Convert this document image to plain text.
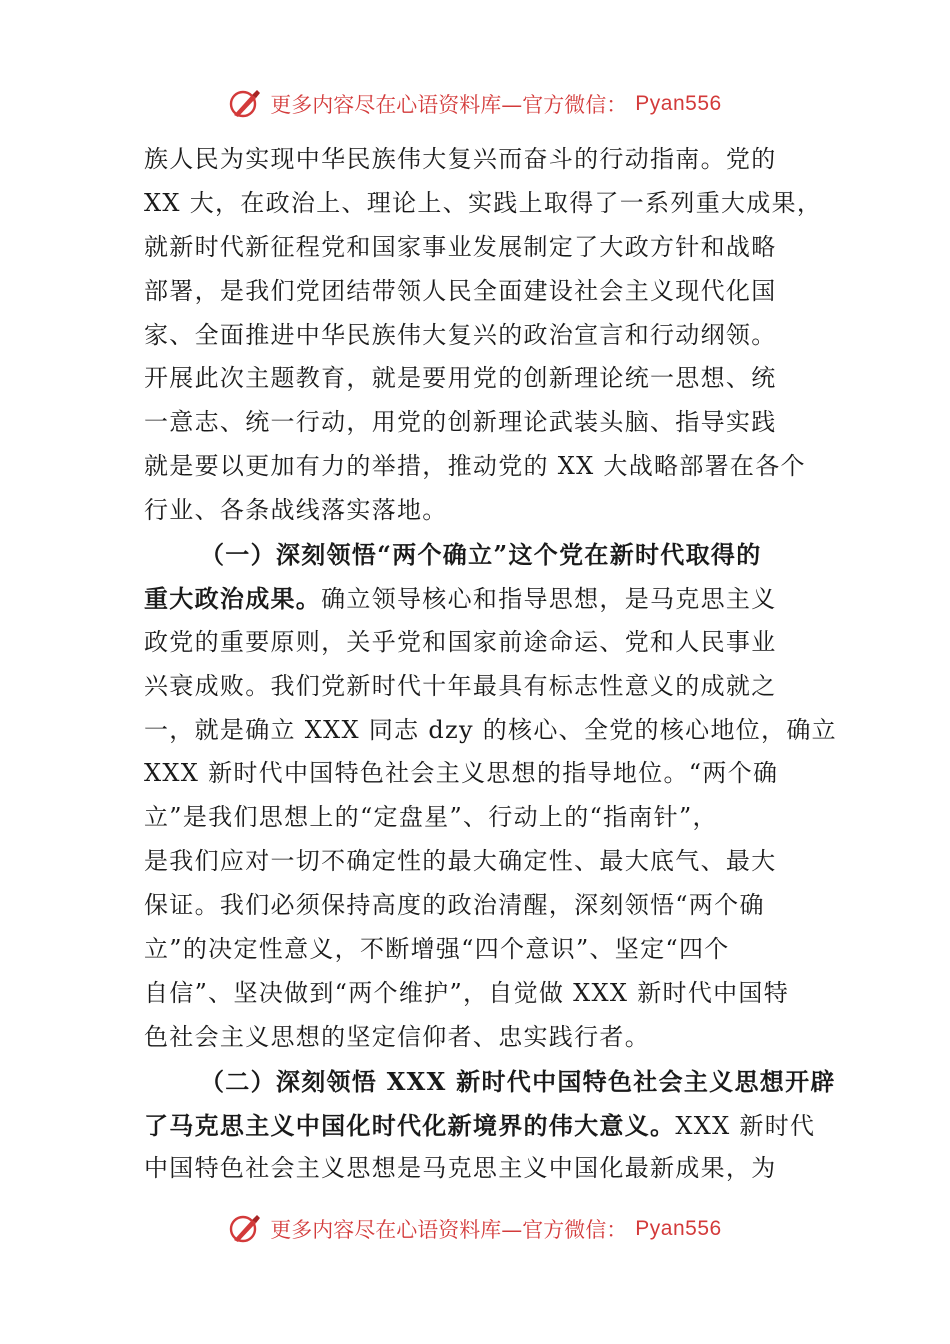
更多内容尽在心语资料库—官方微信： Pyan556
族人民为实现中华民族伟大复兴而奋斗的行动指南。党的
XX 大，在政治上、理论上、实践上取得了一系列重大成果，
就新时代新征程党和国家事业发展制定了大政方针和战略
部署，是我们党团结带领人民全面建设社会主义现代化国
家、全面推进中华民族伟大复兴的政治宣言和行动纲领。
开展此次主题教育，就是要用党的创新理论统一思想、统
一意志、统一行动，用党的创新理论武装头脑、指导实践
就是要以更加有力的举措，推动党的 XX 大战略部署在各个
行业、各条战线落实落地。
（一）深刻领悟“两个确立”这个党在新时代取得的
重大政治成果。确立领导核心和指导思想，是马克思主义
政党的重要原则，关乎党和国家前途命运、党和人民事业
兴衰成败。我们党新时代十年最具有标志性意义的成就之
一，就是确立 XXX 同志 dzy 的核心、全党的核心地位，确立
XXX 新时代中国特色社会主义思想的指导地位。“两个确
立”是我们思想上的“定盘星”、行动上的“指南针”，
是我们应对一切不确定性的最大确定性、最大底气、最大
保证。我们必须保持高度的政治清醒，深刻领悟“两个确
立”的决定性意义，不断增强“四个意识”、坚定“四个
自信”、坚决做到“两个维护”，自觉做 XXX 新时代中国特
色社会主义思想的坚定信仰者、忠实践行者。
（二）深刻领悟 XXX 新时代中国特色社会主义思想开辟
了马克思主义中国化时代化新境界的伟大意义。XXX 新时代
中国特色社会主义思想是马克思主义中国化最新成果，为
更多内容尽在心语资料库—官方微信： Pyan556
